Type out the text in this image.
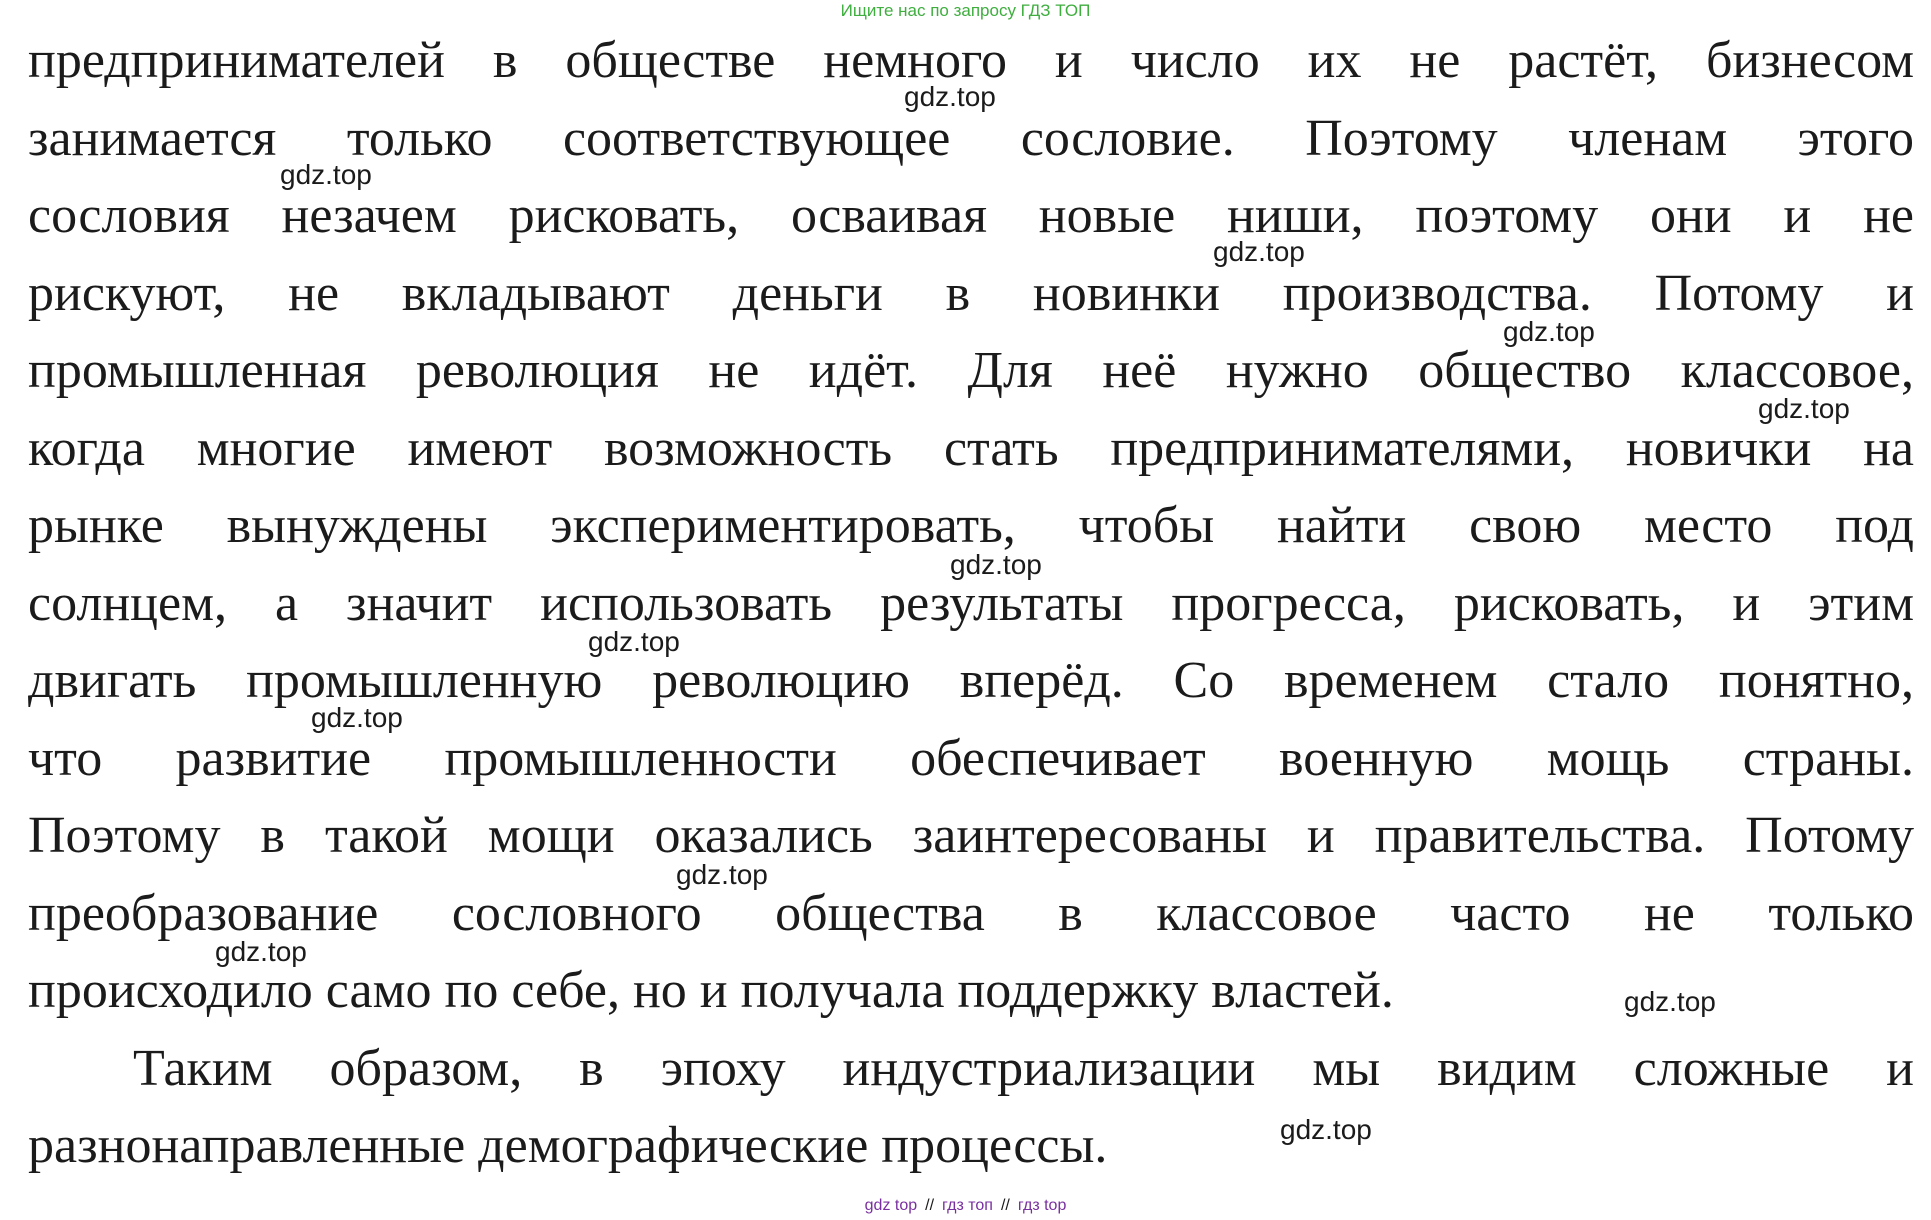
Ищите нас по запросу ГДЗ ТОП
предпринимателей в обществе немного и число их не растёт, бизнесом
занимается только соответствующее сословие. Поэтому членам этого
сословия незачем рисковать, осваивая новые ниши, поэтому они и не
рискуют, не вкладывают деньги в новинки производства. Потому и
промышленная революция не идёт. Для неё нужно общество классовое,
когда многие имеют возможность стать предпринимателями, новички на
рынке вынуждены экспериментировать, чтобы найти свою место под
солнцем, а значит использовать результаты прогресса, рисковать, и этим
двигать промышленную революцию вперёд. Со временем стало понятно,
что развитие промышленности обеспечивает военную мощь страны.
Поэтому в такой мощи оказались заинтересованы и правительства. Потому
преобразование сословного общества в классовое часто не только
происходило само по себе, но и получала поддержку властей.
Таким образом, в эпоху индустриализации мы видим сложные и
разнонаправленные демографические процессы.
gdz.top
gdz.top
gdz.top
gdz.top
gdz.top
gdz.top
gdz.top
gdz.top
gdz.top
gdz.top
gdz.top
gdz.top
gdz top // гдз топ // гдз top
